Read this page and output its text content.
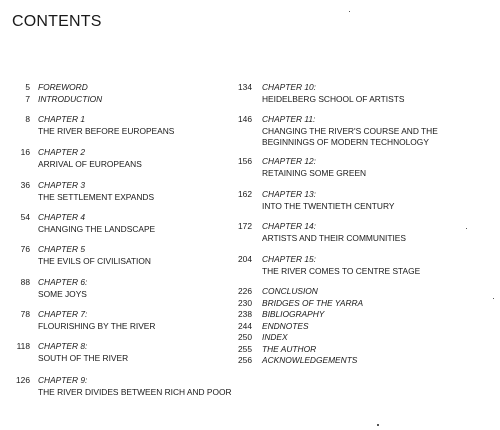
CONTENTS
5 FOREWORD
7 INTRODUCTION
8 CHAPTER 1
THE RIVER BEFORE EUROPEANS
16 CHAPTER 2
ARRIVAL OF EUROPEANS
36 CHAPTER 3
THE SETTLEMENT EXPANDS
54 CHAPTER 4
CHANGING THE LANDSCAPE
76 CHAPTER 5
THE EVILS OF CIVILISATION
88 CHAPTER 6:
SOME JOYS
78 CHAPTER 7:
FLOURISHING BY THE RIVER
118 CHAPTER 8:
SOUTH OF THE RIVER
126 CHAPTER 9:
THE RIVER DIVIDES BETWEEN RICH AND POOR
134	CHAPTER 10:
HEIDELBERG SCHOOL OF ARTISTS
146	CHAPTER 11:
CHANGING THE RIVER'S COURSE AND THE
BEGINNINGS OF MODERN TECHNOLOGY
156	CHAPTER 12:
RETAINING SOME GREEN
162	CHAPTER 13:
INTO THE TWENTIETH CENTURY
172	CHAPTER 14:
ARTISTS AND THEIR COMMUNITIES
204	CHAPTER 15:
THE RIVER COMES TO CENTRE STAGE
226	CONCLUSION
230	BRIDGES OF THE YARRA
238	BIBLIOGRAPHY
244	ENDNOTES
250	INDEX
255	THE AUTHOR
256	ACKNOWLEDGEMENTS
